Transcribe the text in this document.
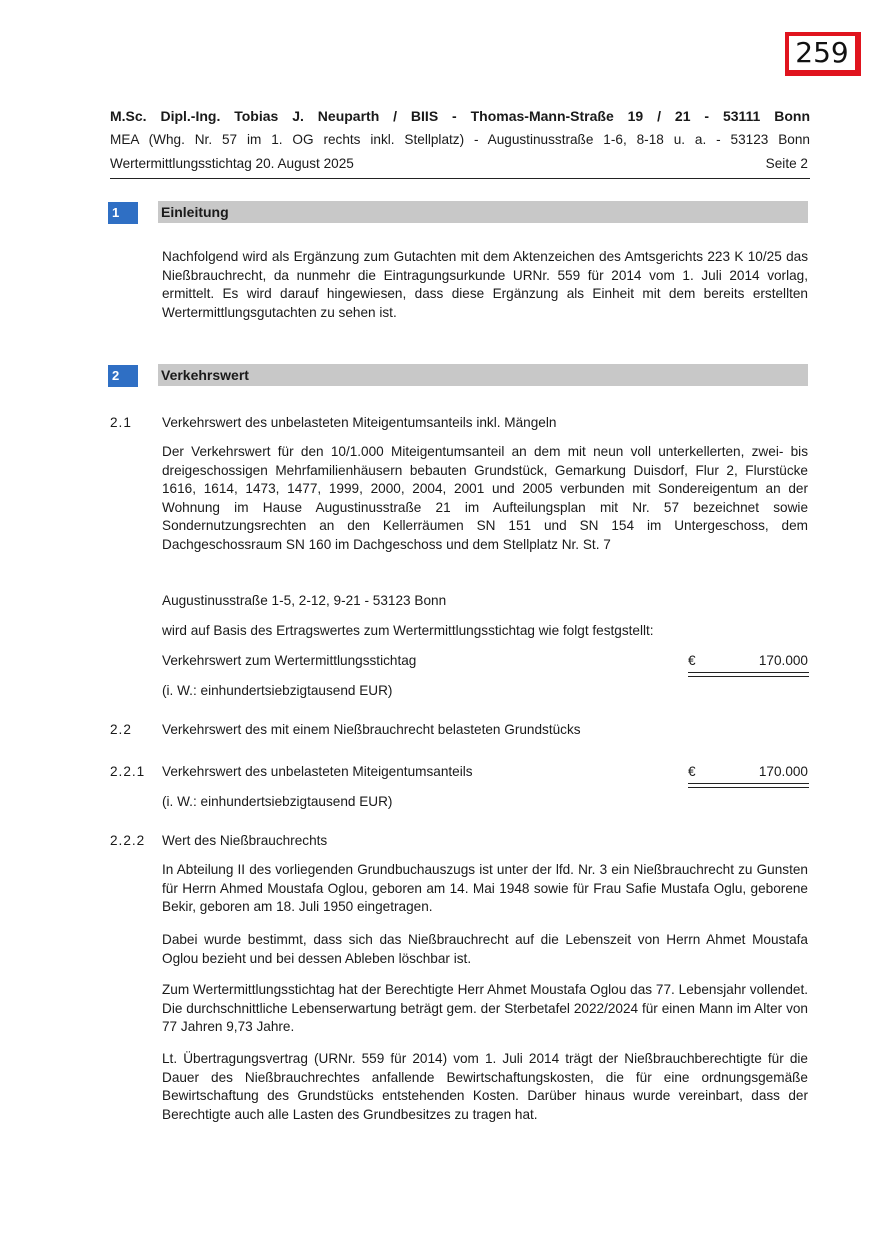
259
M.Sc. Dipl.-Ing. Tobias J. Neuparth / BIIS - Thomas-Mann-Straße 19 / 21 - 53111 Bonn
MEA (Whg. Nr. 57 im 1. OG rechts inkl. Stellplatz) - Augustinusstraße 1-6, 8-18 u. a. - 53123 Bonn
Wertermittlungsstichtag 20. August 2025	Seite 2
1	Einleitung

Nachfolgend wird als Ergänzung zum Gutachten mit dem Aktenzeichen des Amtsgerichts 223 K 10/25 das Nießbrauchrecht, da nunmehr die Eintragungsurkunde URNr. 559 für 2014 vom 1. Juli 2014 vorlag, ermittelt. Es wird darauf hingewiesen, dass diese Ergänzung als Einheit mit dem bereits erstellten Wertermittlungsgutachten zu sehen ist.

2	Verkehrswert

2.1 Verkehrswert des unbelasteten Miteigentumsanteils inkl. Mängeln

Der Verkehrswert für den 10/1.000 Miteigentumsanteil an dem mit neun voll unterkellerten, zwei- bis dreigeschossigen Mehrfamilienhäusern bebauten Grundstück, Gemarkung Duisdorf, Flur 2, Flurstücke 1616, 1614, 1473, 1477, 1999, 2000, 2004, 2001 und 2005 verbunden mit Sondereigentum an der Wohnung im Hause Augustinusstraße 21 im Aufteilungsplan mit Nr. 57 bezeichnet sowie Sondernutzungsrechten an den Kellerräumen SN 151 und SN 154 im Untergeschoss, dem Dachgeschossraum SN 160 im Dachgeschoss und dem Stellplatz Nr. St. 7

Augustinusstraße 1-5, 2-12, 9-21 - 53123 Bonn

wird auf Basis des Ertragswertes zum Wertermittlungsstichtag wie folgt festgstellt:

Verkehrswert zum Wertermittlungsstichtag	€	170.000

(i. W.: einhundertsiebzigtausend EUR)

2.2 Verkehrswert des mit einem Nießbrauchrecht belasteten Grundstücks

2.2.1 Verkehrswert des unbelasteten Miteigentumsanteils	€	170.000

(i. W.: einhundertsiebzigtausend EUR)

2.2.2 Wert des Nießbrauchrechts

In Abteilung II des vorliegenden Grundbuchauszugs ist unter der lfd. Nr. 3 ein Nießbrauchrecht zu Gunsten für Herrn Ahmed Moustafa Oglou, geboren am 14. Mai 1948 sowie für Frau Safie Mustafa Oglu, geborene Bekir, geboren am 18. Juli 1950 eingetragen.

Dabei wurde bestimmt, dass sich das Nießbrauchrecht auf die Lebenszeit von Herrn Ahmet Moustafa Oglou bezieht und bei dessen Ableben löschbar ist.

Zum Wertermittlungsstichtag hat der Berechtigte Herr Ahmet Moustafa Oglou das 77. Lebensjahr vollendet. Die durchschnittliche Lebenserwartung beträgt gem. der Sterbetafel 2022/2024 für einen Mann im Alter von 77 Jahren 9,73 Jahre.

Lt. Übertragungsvertrag (URNr. 559 für 2014) vom 1. Juli 2014 trägt der Nießbrauchberechtigte für die Dauer des Nießbrauchrechtes anfallende Bewirtschaftungskosten, die für eine ordnungsgemäße Bewirtschaftung des Grundstücks entstehenden Kosten. Darüber hinaus wurde vereinbart, dass der Berechtigte auch alle Lasten des Grundbesitzes zu tragen hat.
